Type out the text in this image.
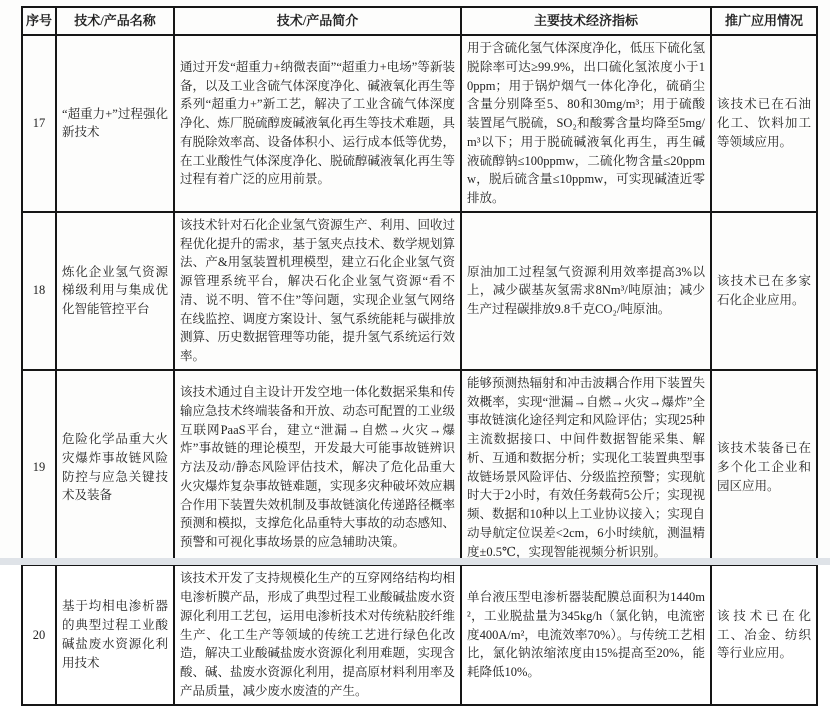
序号	技术/产品名称	技术/产品简介	主要技术经济指标	推广应用情况
17	“超重力+”过程强化新技术	通过开发“超重力+纳微表面”“超重力+电场”等新装备，以及工业含硫气体深度净化、碱液氧化再生等系列“超重力+”新工艺，解决了工业含硫气体深度净化、炼厂脱硫醇废碱液氧化再生等技术难题，具有脱除效率高、设备体积小、运行成本低等优势，在工业酸性气体深度净化、脱硫醇碱液氧化再生等过程有着广泛的应用前景。	用于含硫化氢气体深度净化，低压下硫化氢脱除率可达≥99.9%，出口硫化氢浓度小于10ppm；用于锅炉烟气一体化净化，硫硝尘含量分别降至5、80和30mg/m³；用于硫酸装置尾气脱硫，SO₂和酸雾含量均降至5mg/m³以下；用于脱硫碱液氧化再生，再生碱液硫醇钠≤100ppmw，二硫化物含量≤20ppmw，脱后硫含量≤10ppmw，可实现碱渣近零排放。	该技术已在石油化工、饮料加工等领域应用。
18	炼化企业氢气资源梯级利用与集成优化智能管控平台	该技术针对石化企业氢气资源生产、利用、回收过程优化提升的需求，基于氢夹点技术、数学规划算法、产&用氢装置机理模型，建立石化企业氢气资源管理系统平台，解决石化企业氢气资源“看不清、说不明、管不住”等问题，实现企业氢气网络在线监控、调度方案设计、氢气系统能耗与碳排放测算、历史数据管理等功能，提升氢气系统运行效率。	原油加工过程氢气资源利用效率提高3%以上，减少碳基灰氢需求8Nm³/吨原油；减少生产过程碳排放9.8千克CO₂/吨原油。	该技术已在多家石化企业应用。
19	危险化学品重大火灾爆炸事故链风险防控与应急关键技术及装备	该技术通过自主设计开发空地一体化数据采集和传输应急技术终端装备和开放、动态可配置的工业级互联网PaaS平台，建立“泄漏→自燃→火灾→爆炸”事故链的理论模型，开发最大可能事故链辨识方法及动/静态风险评估技术，解决了危化品重大火灾爆炸复杂事故链难题，实现多灾种破坏效应耦合作用下装置失效机制及事故链演化传递路径概率预测和模拟，支撑危化品重特大事故的动态感知、预警和可视化事故场景的应急辅助决策。	能够预测热辐射和冲击波耦合作用下装置失效概率，实现“泄漏→自燃→火灾→爆炸”全事故链演化途径判定和风险评估；实现25种主流数据接口、中间件数据智能采集、解析、互通和数据分析；实现化工装置典型事故链场景风险评估、分级监控预警；实现航时大于2小时，有效任务载荷5公斤；实现视频、数据和10种以上工业协议接入；实现自动导航定位误差<2cm，6小时续航，测温精度±0.5℃，实现智能视频分析识别。	该技术装备已在多个化工企业和园区应用。
20	基于均相电渗析器的典型过程工业酸碱盐废水资源化利用技术	该技术开发了支持规模化生产的互穿网络结构均相电渗析膜产品，形成了典型过程工业酸碱盐废水资源化利用工艺包，运用电渗析技术对传统粘胶纤维生产、化工生产等领域的传统工艺进行绿色化改造，解决工业酸碱盐废水资源化利用难题，实现含酸、碱、盐废水资源化利用，提高原材料利用率及产品质量，减少废水废渣的产生。	单台液压型电渗析器装配膜总面积为1440m²，工业脱盐量为345kg/h（氯化钠，电流密度400A/m²，电流效率70%）。与传统工艺相比，氯化钠浓缩浓度由15%提高至20%，能耗降低10%。	该技术已在化工、冶金、纺织等行业应用。
